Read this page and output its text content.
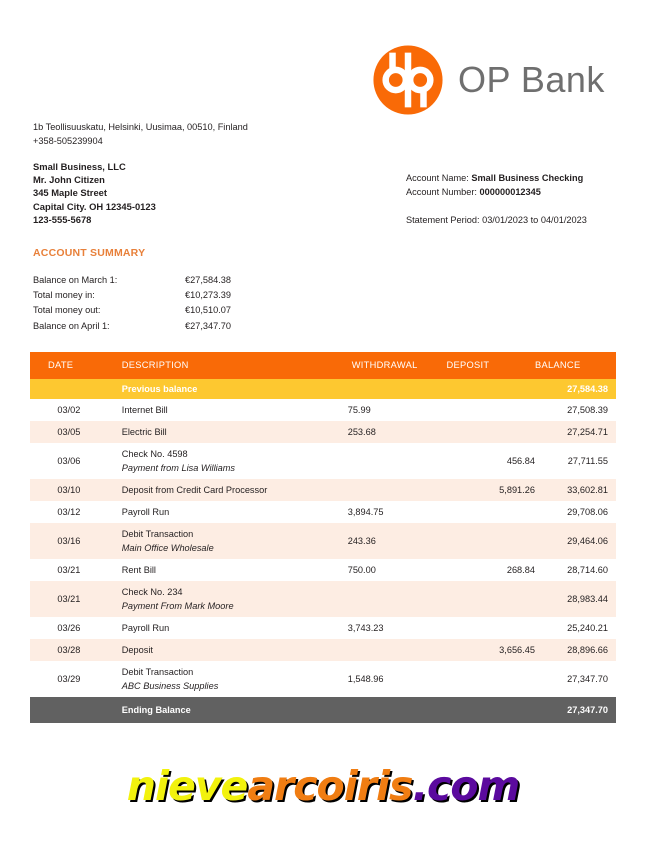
OP Bank
1b Teollisuuskatu, Helsinki, Uusimaa, 00510, Finland
+358-505239904
Small Business, LLC
Mr. John Citizen
345 Maple Street
Capital City. OH 12345-0123
123-555-5678
Account Name: Small Business Checking
Account Number: 000000012345
Statement Period: 03/01/2023 to 04/01/2023
ACCOUNT SUMMARY
Balance on March 1:	€27,584.38
Total money in:	€10,273.39
Total money out:	€10,510.07
Balance on April 1:	€27,347.70
DATE	DESCRIPTION	WITHDRAWAL	DEPOSIT	BALANCE
	Previous balance			27,584.38
03/02	Internet Bill	75.99		27,508.39
03/05	Electric Bill	253.68		27,254.71
03/06	Check No. 4598
Payment from Lisa Williams		456.84	27,711.55
03/10	Deposit from Credit Card Processor		5,891.26	33,602.81
03/12	Payroll Run	3,894.75		29,708.06
03/16	Debit Transaction
Main Office Wholesale	243.36		29,464.06
03/21	Rent Bill	750.00	268.84	28,714.60
03/21	Check No. 234
Payment From Mark Moore			28,983.44
03/26	Payroll Run	3,743.23		25,240.21
03/28	Deposit		3,656.45	28,896.66
03/29	Debit Transaction
ABC Business Supplies	1,548.96		27,347.70
	Ending Balance			27,347.70
nievearcoiris.com
